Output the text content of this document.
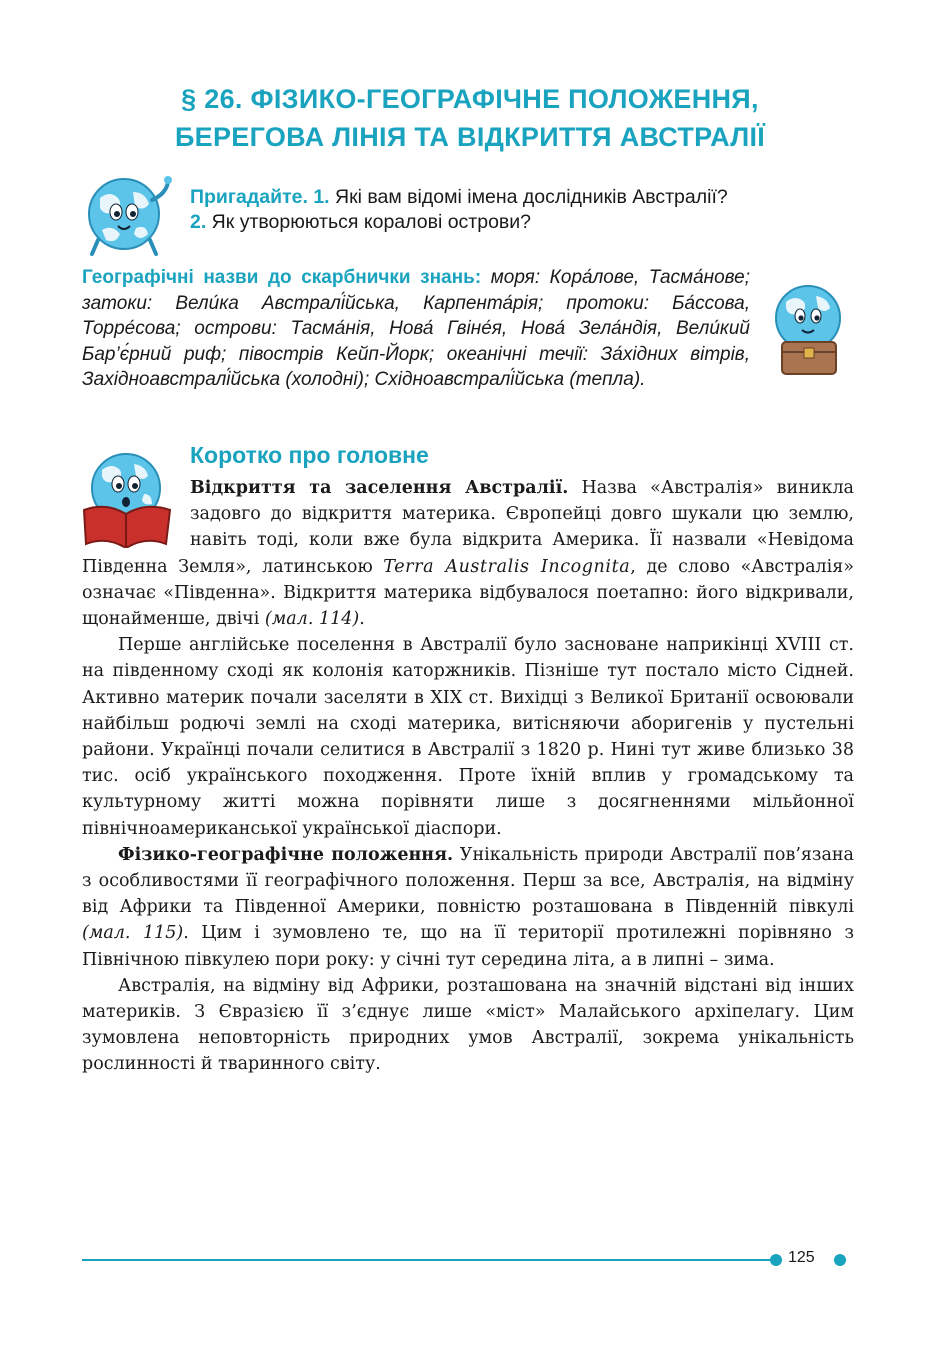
§ 26. ФІЗИКО-ГЕОГРАФІЧНЕ ПОЛОЖЕННЯ,
БЕРЕГОВА ЛІНІЯ ТА ВІДКРИТТЯ АВСТРАЛІЇ
Пригадайте. 1. Які вам відомі імена дослідників Австралії?
2. Як утворюються коралові острови?
Географічні назви до скарбнички знань: моря: Кора́лове, Тасма́нове; затоки: Вели́ка Австралі́йська, Карпента́рія; протоки: Ба́ссова, Торре́сова; острови: Тасма́нія, Нова́ Гвіне́я, Нова́ Зела́ндія, Вели́кий Бар’є́рний риф; півострів Кейп-Йорк; океанічні течії: За́хідних вітрів, Західноавстралі́йська (холодні); Східноавстралі́йська (тепла).
Коротко про головне

Відкриття та заселення Австралії. Назва «Австралія» виникла задовго до відкриття материка. Європейці довго шукали цю землю, навіть тоді, коли вже була відкрита Америка. Її назвали «Невідома Південна Земля», латинською Terra Australis Incognita, де слово «Австралія» означає «Південна». Відкриття материка відбувалося поетапно: його відкривали, щонайменше, двічі (мал. 114).

Перше англійське поселення в Австралії було засноване наприкінці XVIII ст. на південному сході як колонія каторжників. Пізніше тут постало місто Сідней. Активно материк почали заселяти в XIX ст. Вихідці з Великої Британії освоювали найбільш родючі землі на сході материка, витісняючи аборигенів у пустельні райони. Українці почали селитися в Австралії з 1820 р. Нині тут живе близько 38 тис. осіб українського походження. Проте їхній вплив у громадському та культурному житті можна порівняти лише з досягненнями мільйонної північноамериканської української діаспори.

Фізико-географічне положення. Унікальність природи Австралії пов’язана з особливостями її географічного положення. Перш за все, Австралія, на відміну від Африки та Південної Америки, повністю розташована в Південній півкулі (мал. 115). Цим і зумовлено те, що на її території протилежні порівняно з Північною півкулею пори року: у січні тут середина літа, а в липні – зима.

Австралія, на відміну від Африки, розташована на значній відстані від інших материків. З Євразією її з’єднує лише «міст» Малайського архіпелагу. Цим зумовлена неповторність природних умов Австралії, зокрема унікальність рослинності й тваринного світу.

125
